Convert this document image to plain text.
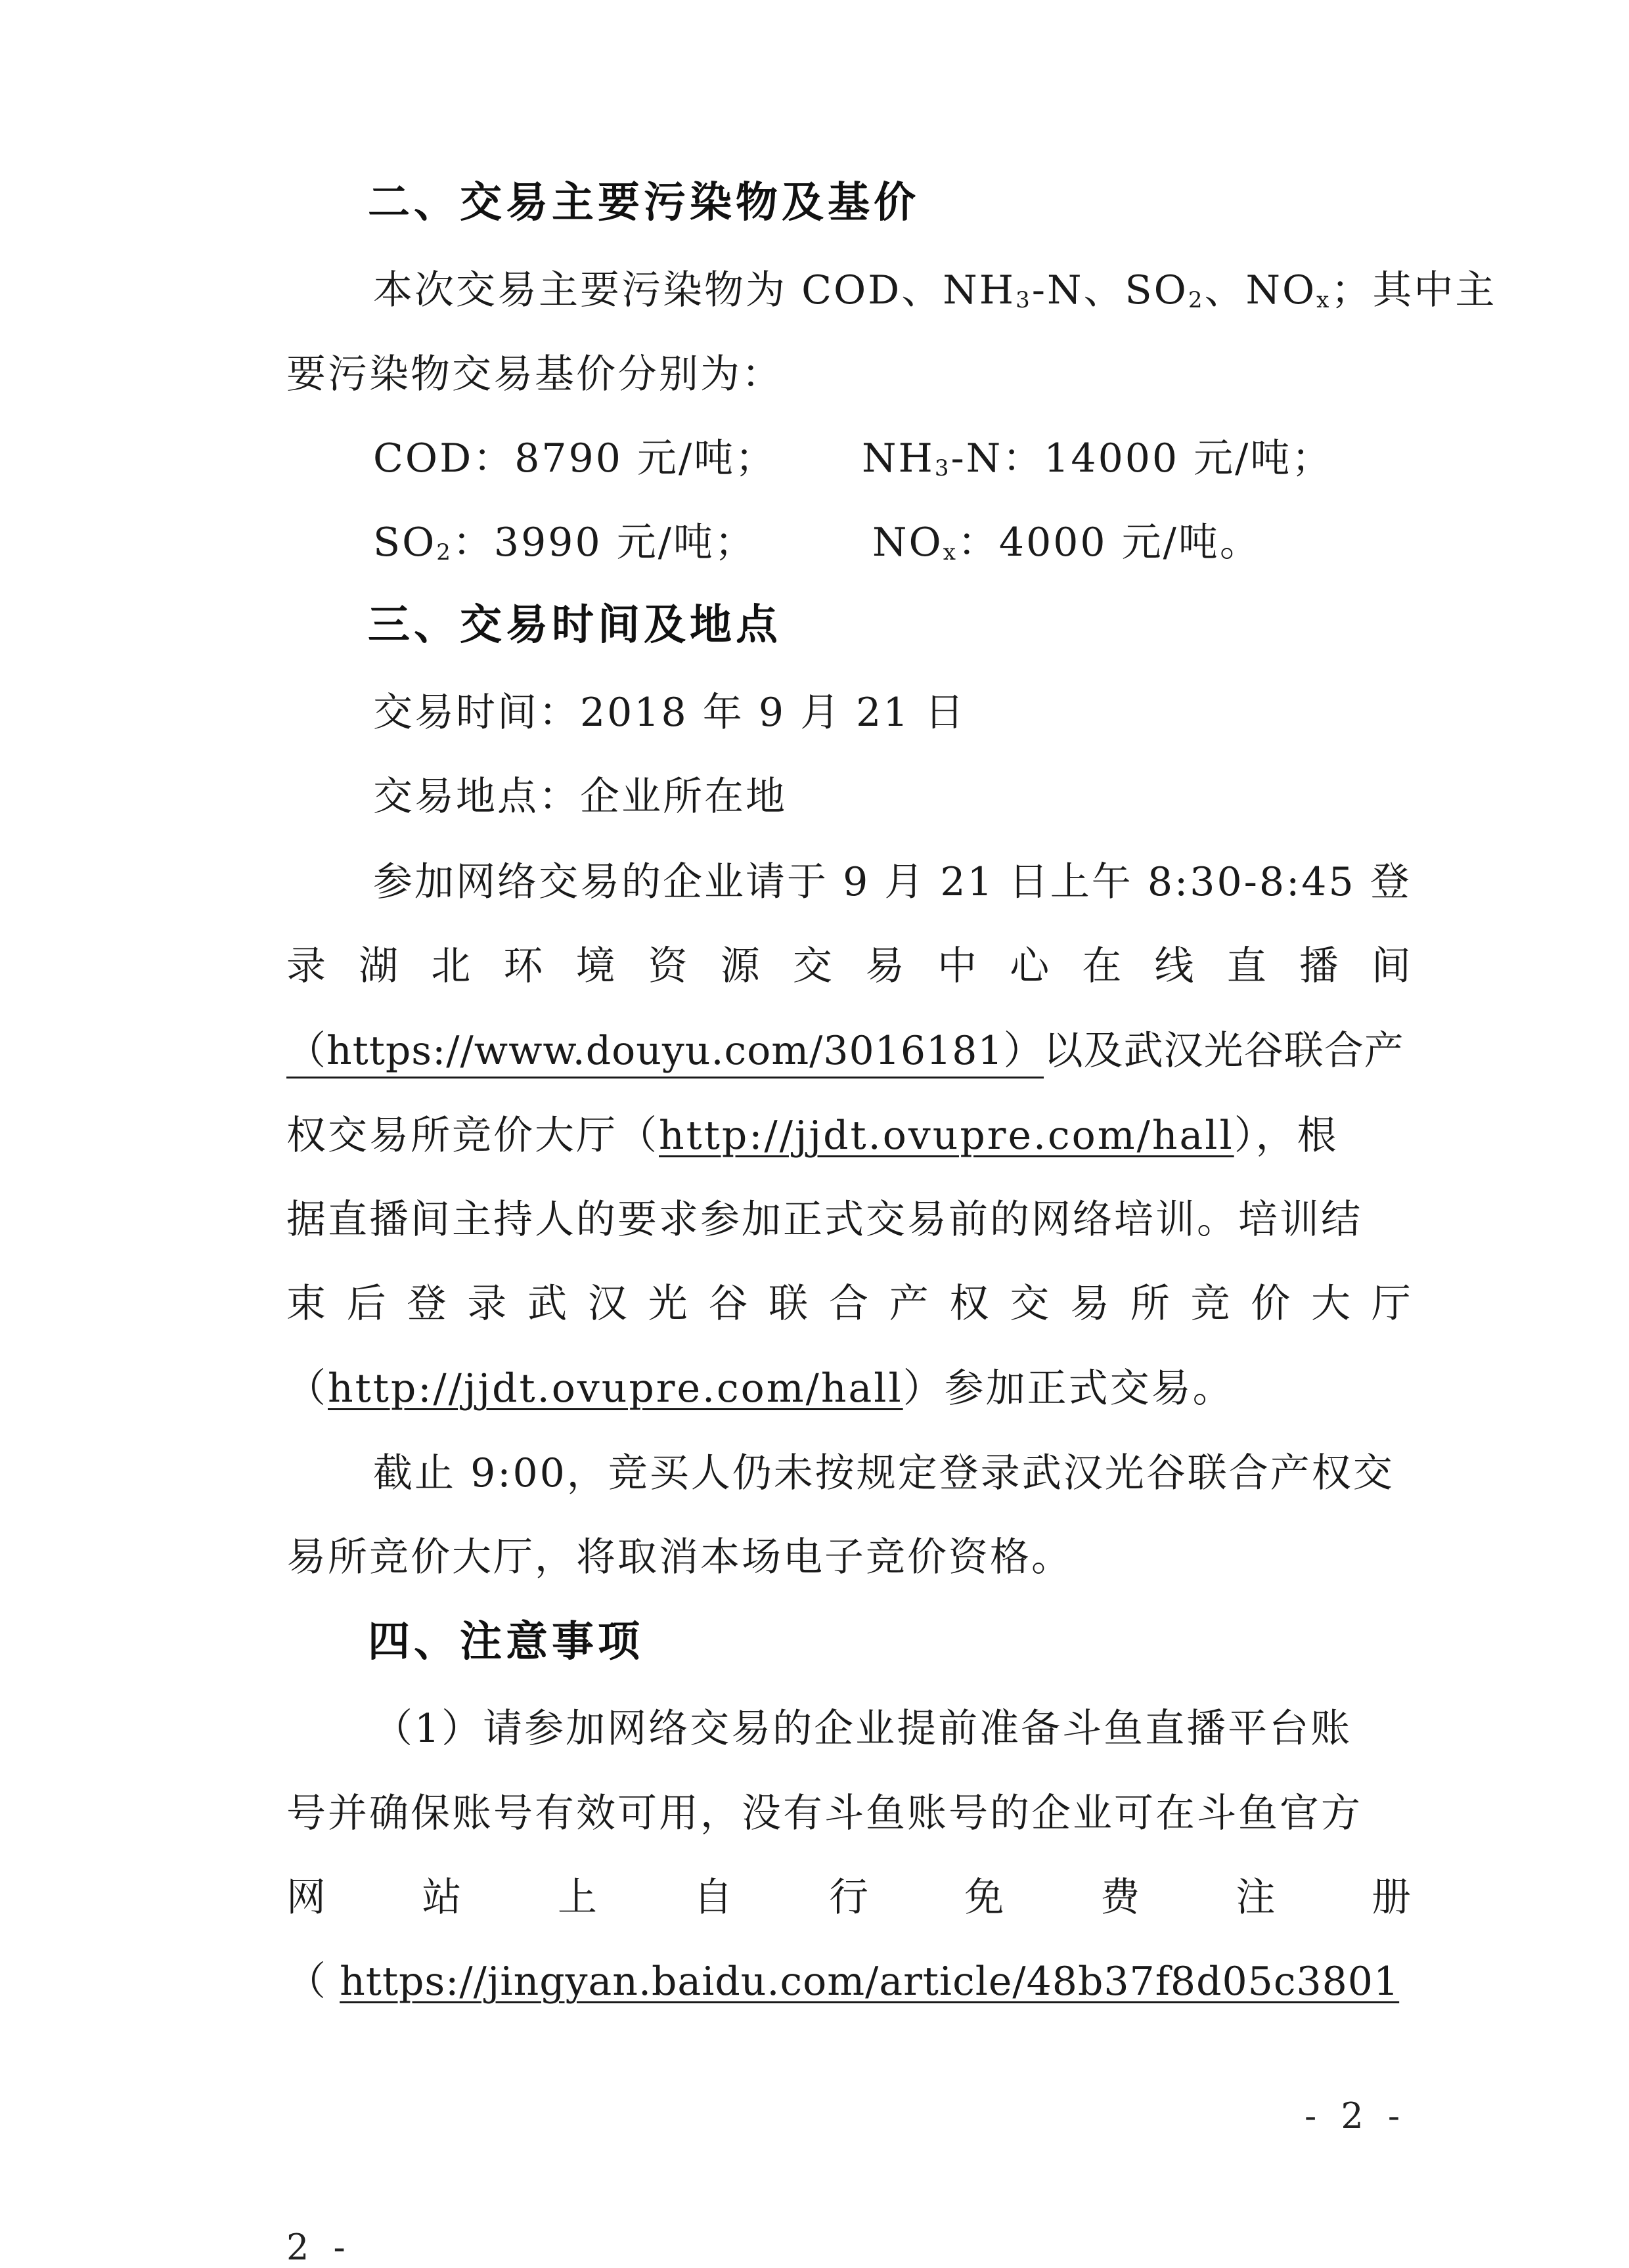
二、交易主要污染物及基价
本次交易主要污染物为 COD、$NH_3-N$、$SO_2$、$NO_x$；其中主
要污染物交易基价分别为：
COD：8790 元/吨； $NH_3-N$：14000 元/吨；
$SO_2$：3990 元/吨；	$NO_x$：4000 元/吨。
三、交易时间及地点
交易时间：2018 年 9 月 21 日
交易地点：企业所在地
参加网络交易的企业请于 9 月 21 日上午 8:30-8:45 登
录 湖 北 环 境 资 源 交 易 中 心 在 线 直 播 间
（https://www.douyu.com/3016181）以及武汉光谷联合产
权交易所竞价大厅（http://jjdt.ovupre.com/hall），根
据直播间主持人的要求参加正式交易前的网络培训。培训结
束 后 登 录 武 汉 光 谷 联 合 产 权 交 易 所 竞 价 大 厅
（http://jjdt.ovupre.com/hall）参加正式交易。
截止 9:00，竞买人仍未按规定登录武汉光谷联合产权交
易所竞价大厅，将取消本场电子竞价资格。
四、注意事项
（1）请参加网络交易的企业提前准备斗鱼直播平台账
号并确保账号有效可用，没有斗鱼账号的企业可在斗鱼官方
网 站 上 自 行 免 费 注 册
（ https://jingyan.baidu.com/article/48b37f8d05c3801
- 2 -
2 -
